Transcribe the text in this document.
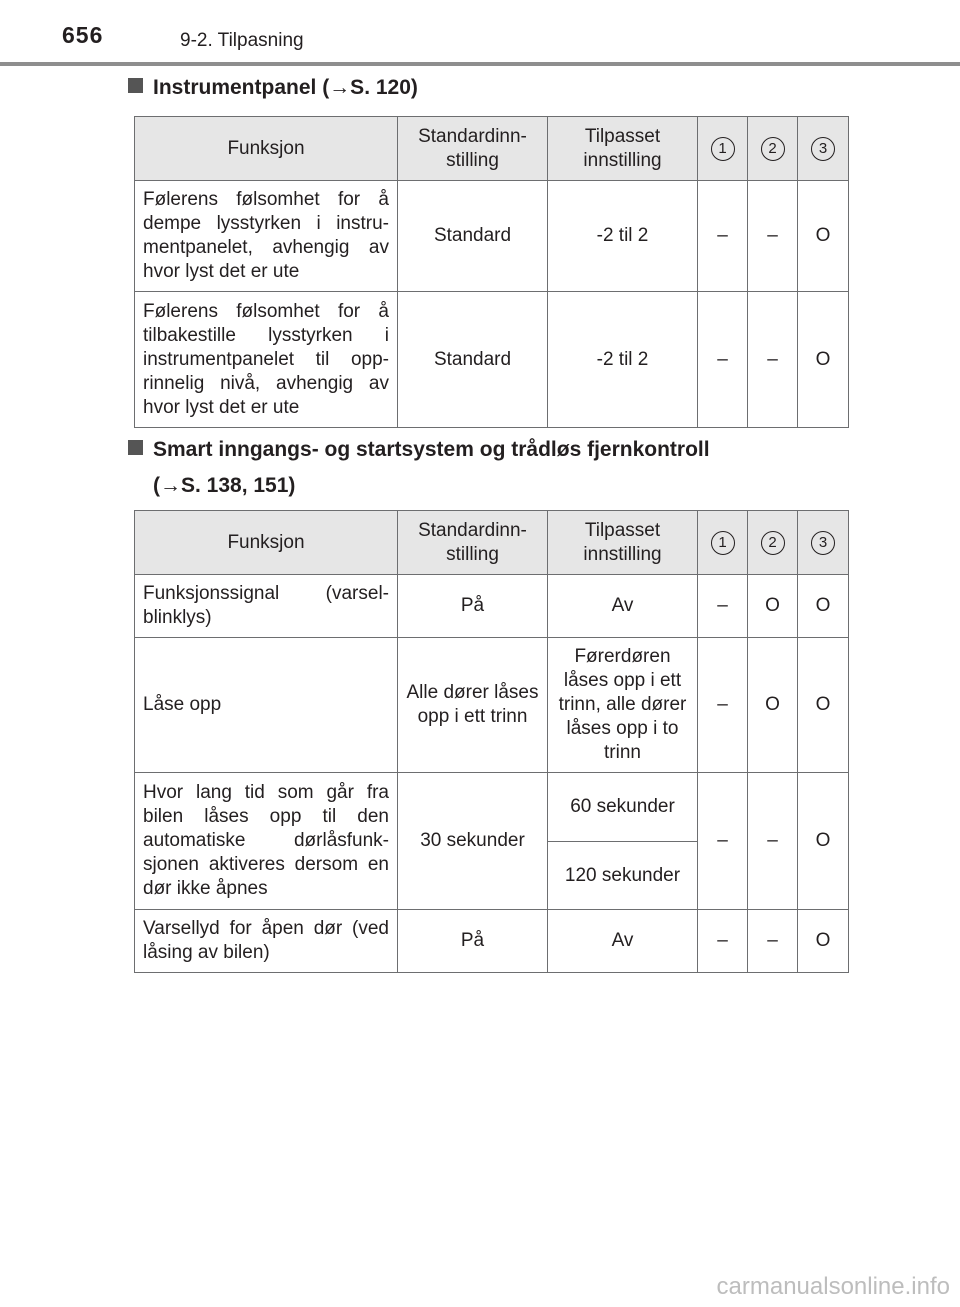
656	9-2. Tilpasning
Instrumentpanel (→S. 120)
Funksjon	Standardinn-stilling	Tilpasset innstilling	1	2	3
Følerens følsomhet for å dempe lysstyrken i instru-mentpanelet, avhengig av hvor lyst det er ute	Standard	-2 til 2	–	–	O
Følerens følsomhet for å tilbakestille lysstyrken i instrumentpanelet til opp-rinnelig nivå, avhengig av hvor lyst det er ute	Standard	-2 til 2	–	–	O
Smart inngangs- og startsystem og trådløs fjernkontroll
(→S. 138, 151)
Funksjon	Standardinn-stilling	Tilpasset innstilling	1	2	3
Funksjonssignal (varsel-blinklys)	På	Av	–	O	O
Låse opp	Alle dører låses opp i ett trinn	Førerdøren låses opp i ett trinn, alle dører låses opp i to trinn	–	O	O
Hvor lang tid som går fra bilen låses opp til den automatiske dørlåsfunk-sjonen aktiveres dersom en dør ikke åpnes	30 sekunder	60 sekunder	–	–	O
		120 sekunder			
Varsellyd for åpen dør (ved låsing av bilen)	På	Av	–	–	O
carmanualsonline.info
